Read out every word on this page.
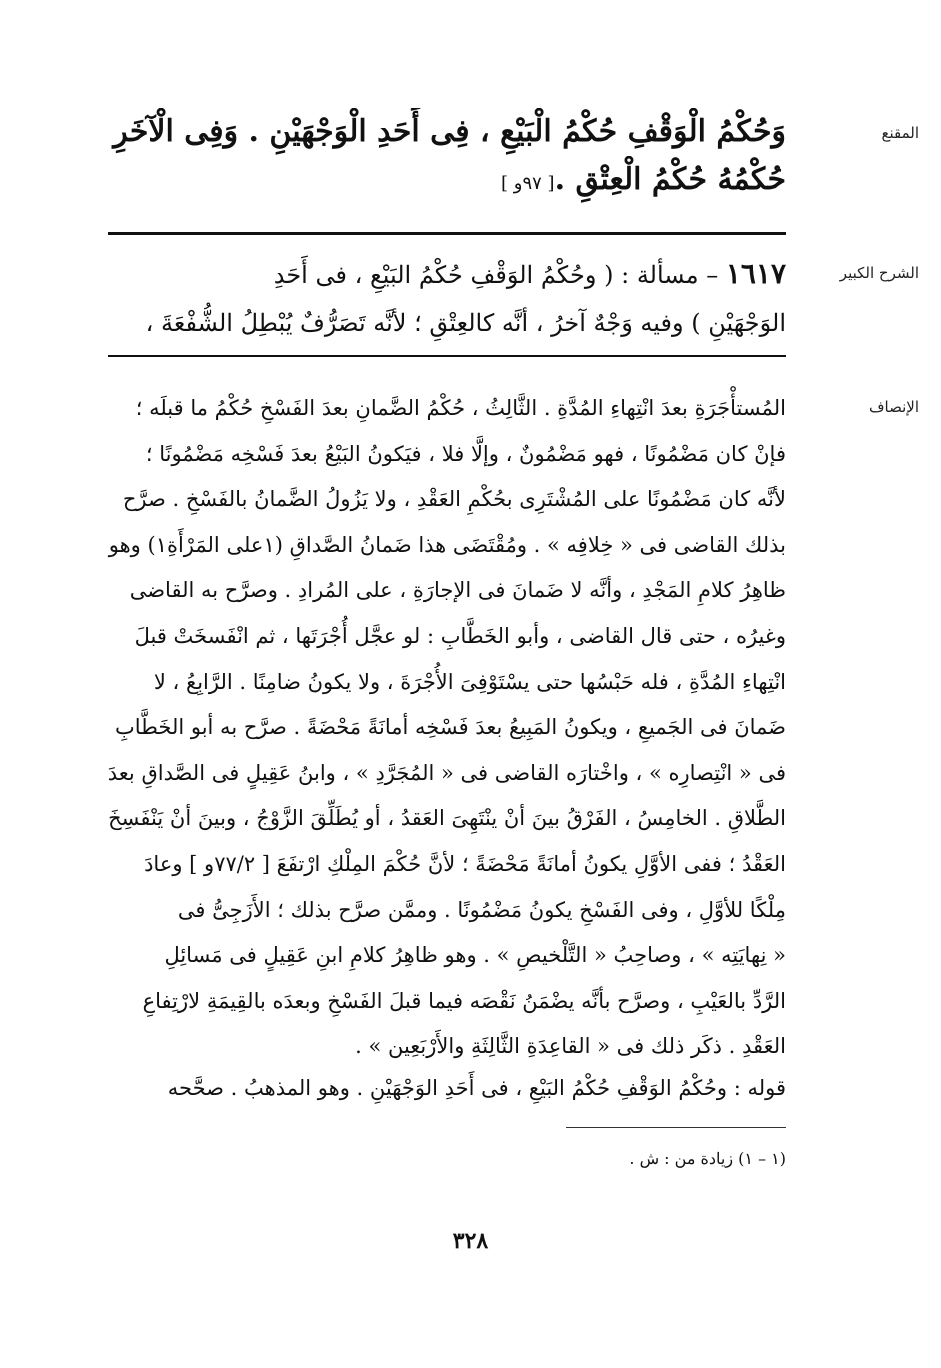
المقنع
وَحُكْمُ الْوَقْفِ حُكْمُ الْبَيْعِ ، فِى أَحَدِ الْوَجْهَيْنِ . وَفِى الْآخَرِ
حُكْمُهُ حُكْمُ الْعِتْقِ .[ ٩٧و ]
الشرح الكبير
١٦١٧ – مسألة : ( وحُكْمُ الوَقْفِ حُكْمُ البَيْعِ ، فى أَحَدِ
الوَجْهَيْنِ ) وفيه وَجْهٌ آخرُ ، أنَّه كالعِتْقِ ؛ لأنَّه تَصَرُّفٌ يُبْطِلُ الشُّفْعَةَ ،
الإنصاف
المُستأْجَرَةِ بعدَ انْتِهاءِ المُدَّةِ . الثَّالِثُ ، حُكْمُ الضَّمانِ بعدَ الفَسْخِ حُكْمُ ما قبلَه ؛
فإنْ كان مَضْمُونًا ، فهو مَضْمُونٌ ، وإلَّا فلا ، فيَكونُ البَيْعُ بعدَ فَسْخِه مَضْمُونًا ؛
لأنَّه كان مَضْمُونًا على المُشْتَرِى بحُكْمِ العَقْدِ ، ولا يَزُولُ الضَّمانُ بالفَسْخِ . صرَّح
بذلك القاضى فى « خِلافِه » . ومُقْتَضَى هذا ضَمانُ الصَّداقِ (١على المَرْأَةِ١) وهو
ظاهِرُ كلامِ المَجْدِ ، وأنَّه لا ضَمانَ فى الإجارَةِ ، على المُرادِ . وصرَّح به القاضى
وغيرُه ، حتى قال القاضى ، وأبو الخَطَّابِ : لو عجَّل أُجْرَتَها ، ثم انْفَسخَتْ قبلَ
انْتِهاءِ المُدَّةِ ، فله حَبْسُها حتى يسْتَوْفِىَ الأُجْرَةَ ، ولا يكونُ ضامِنًا . الرَّابِعُ ، لا
ضَمانَ فى الجَميعِ ، ويكونُ المَبِيعُ بعدَ فَسْخِه أمانَةً مَحْضَةً . صرَّح به أبو الخَطَّابِ
فى « انْتِصارِه » ، واخْتارَه القاضى فى « المُجَرَّدِ » ، وابنُ عَقِيلٍ فى الصَّداقِ بعدَ
الطَّلاقِ . الخامِسُ ، الفَرْقُ بينَ أنْ ينْتَهِىَ العَقدُ ، أو يُطَلِّقَ الزَّوْجُ ، وبينَ أنْ يَنْفَسِخَ
العَقْدُ ؛ ففى الأوَّلِ يكونُ أمانَةً مَحْضَةً ؛ لأنَّ حُكْمَ المِلْكِ ارْتفَعَ [ ٧٧/٢و ] وعادَ
مِلْكًا للأوَّلِ ، وفى الفَسْخِ يكونُ مَضْمُونًا . وممَّن صرَّح بذلك ؛ الأَزَجِىُّ فى
« نِهايَتِه » ، وصاحِبُ « التَّلْخيصِ » . وهو ظاهِرُ كلامِ ابنِ عَقِيلٍ فى مَسائِلِ
الرَّدِّ بالعَيْبِ ، وصرَّح بأنَّه يضْمَنُ نَقْصَه فيما قبلَ الفَسْخِ وبعدَه بالقِيمَةِ لارْتِفاعِ
العَقْدِ . ذكَر ذلك فى « القاعِدَةِ الثَّالِثَةِ والأَرْبَعِين » .
قوله : وحُكْمُ الوَقْفِ حُكْمُ البَيْعِ ، فى أَحَدِ الوَجْهَيْنِ . وهو المذهبُ . صحَّحه
(١ – ١) زيادة من : ش .
٣٢٨
